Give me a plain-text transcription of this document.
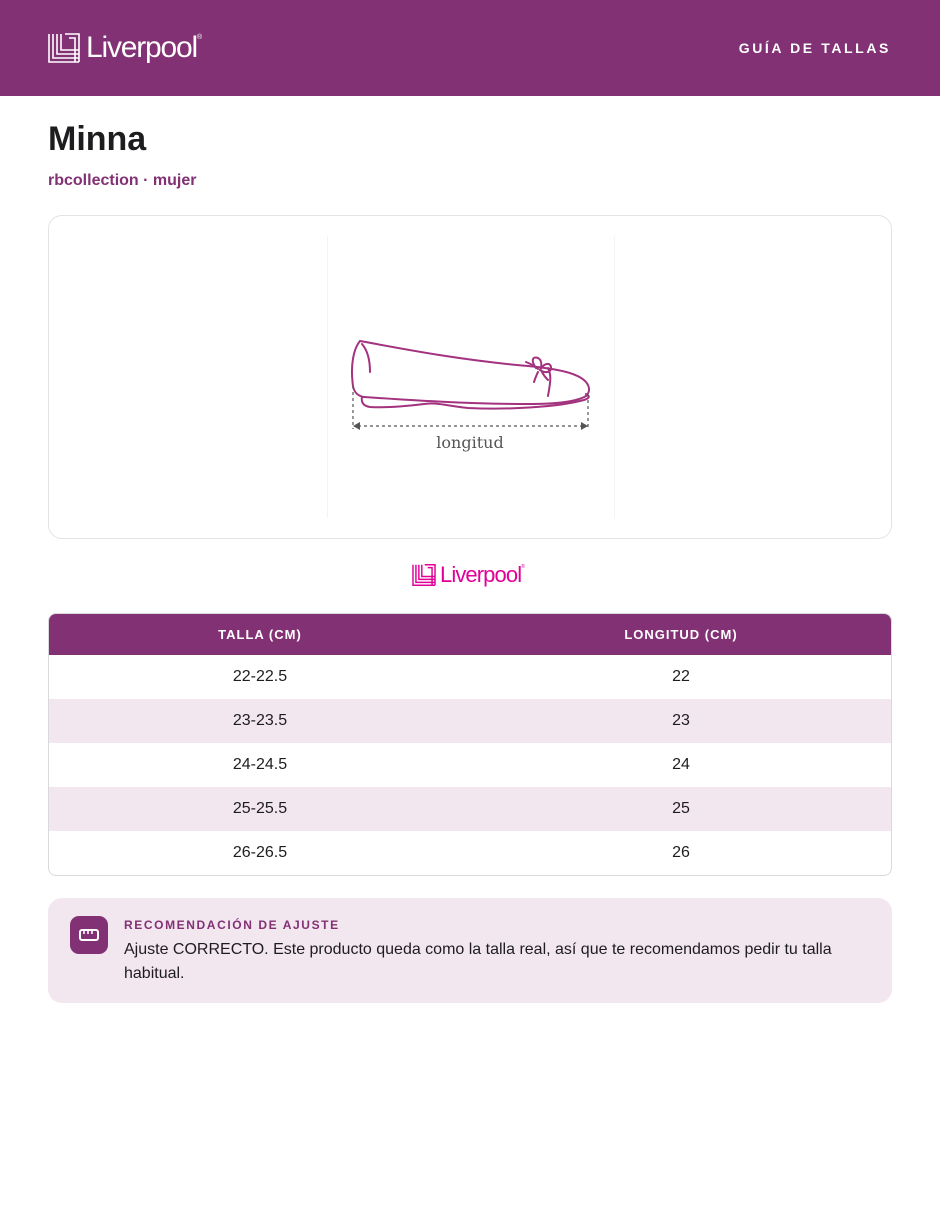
Liverpool®
GUÍA DE TALLAS
Minna
rbcollection · mujer
longitud
Liverpool®
TALLA (CM)	LONGITUD (CM)
22-22.5	22
23-23.5	23
24-24.5	24
25-25.5	25
26-26.5	26
RECOMENDACIÓN DE AJUSTE
Ajuste CORRECTO. Este producto queda como la talla real, así que te recomendamos pedir tu talla habitual.
